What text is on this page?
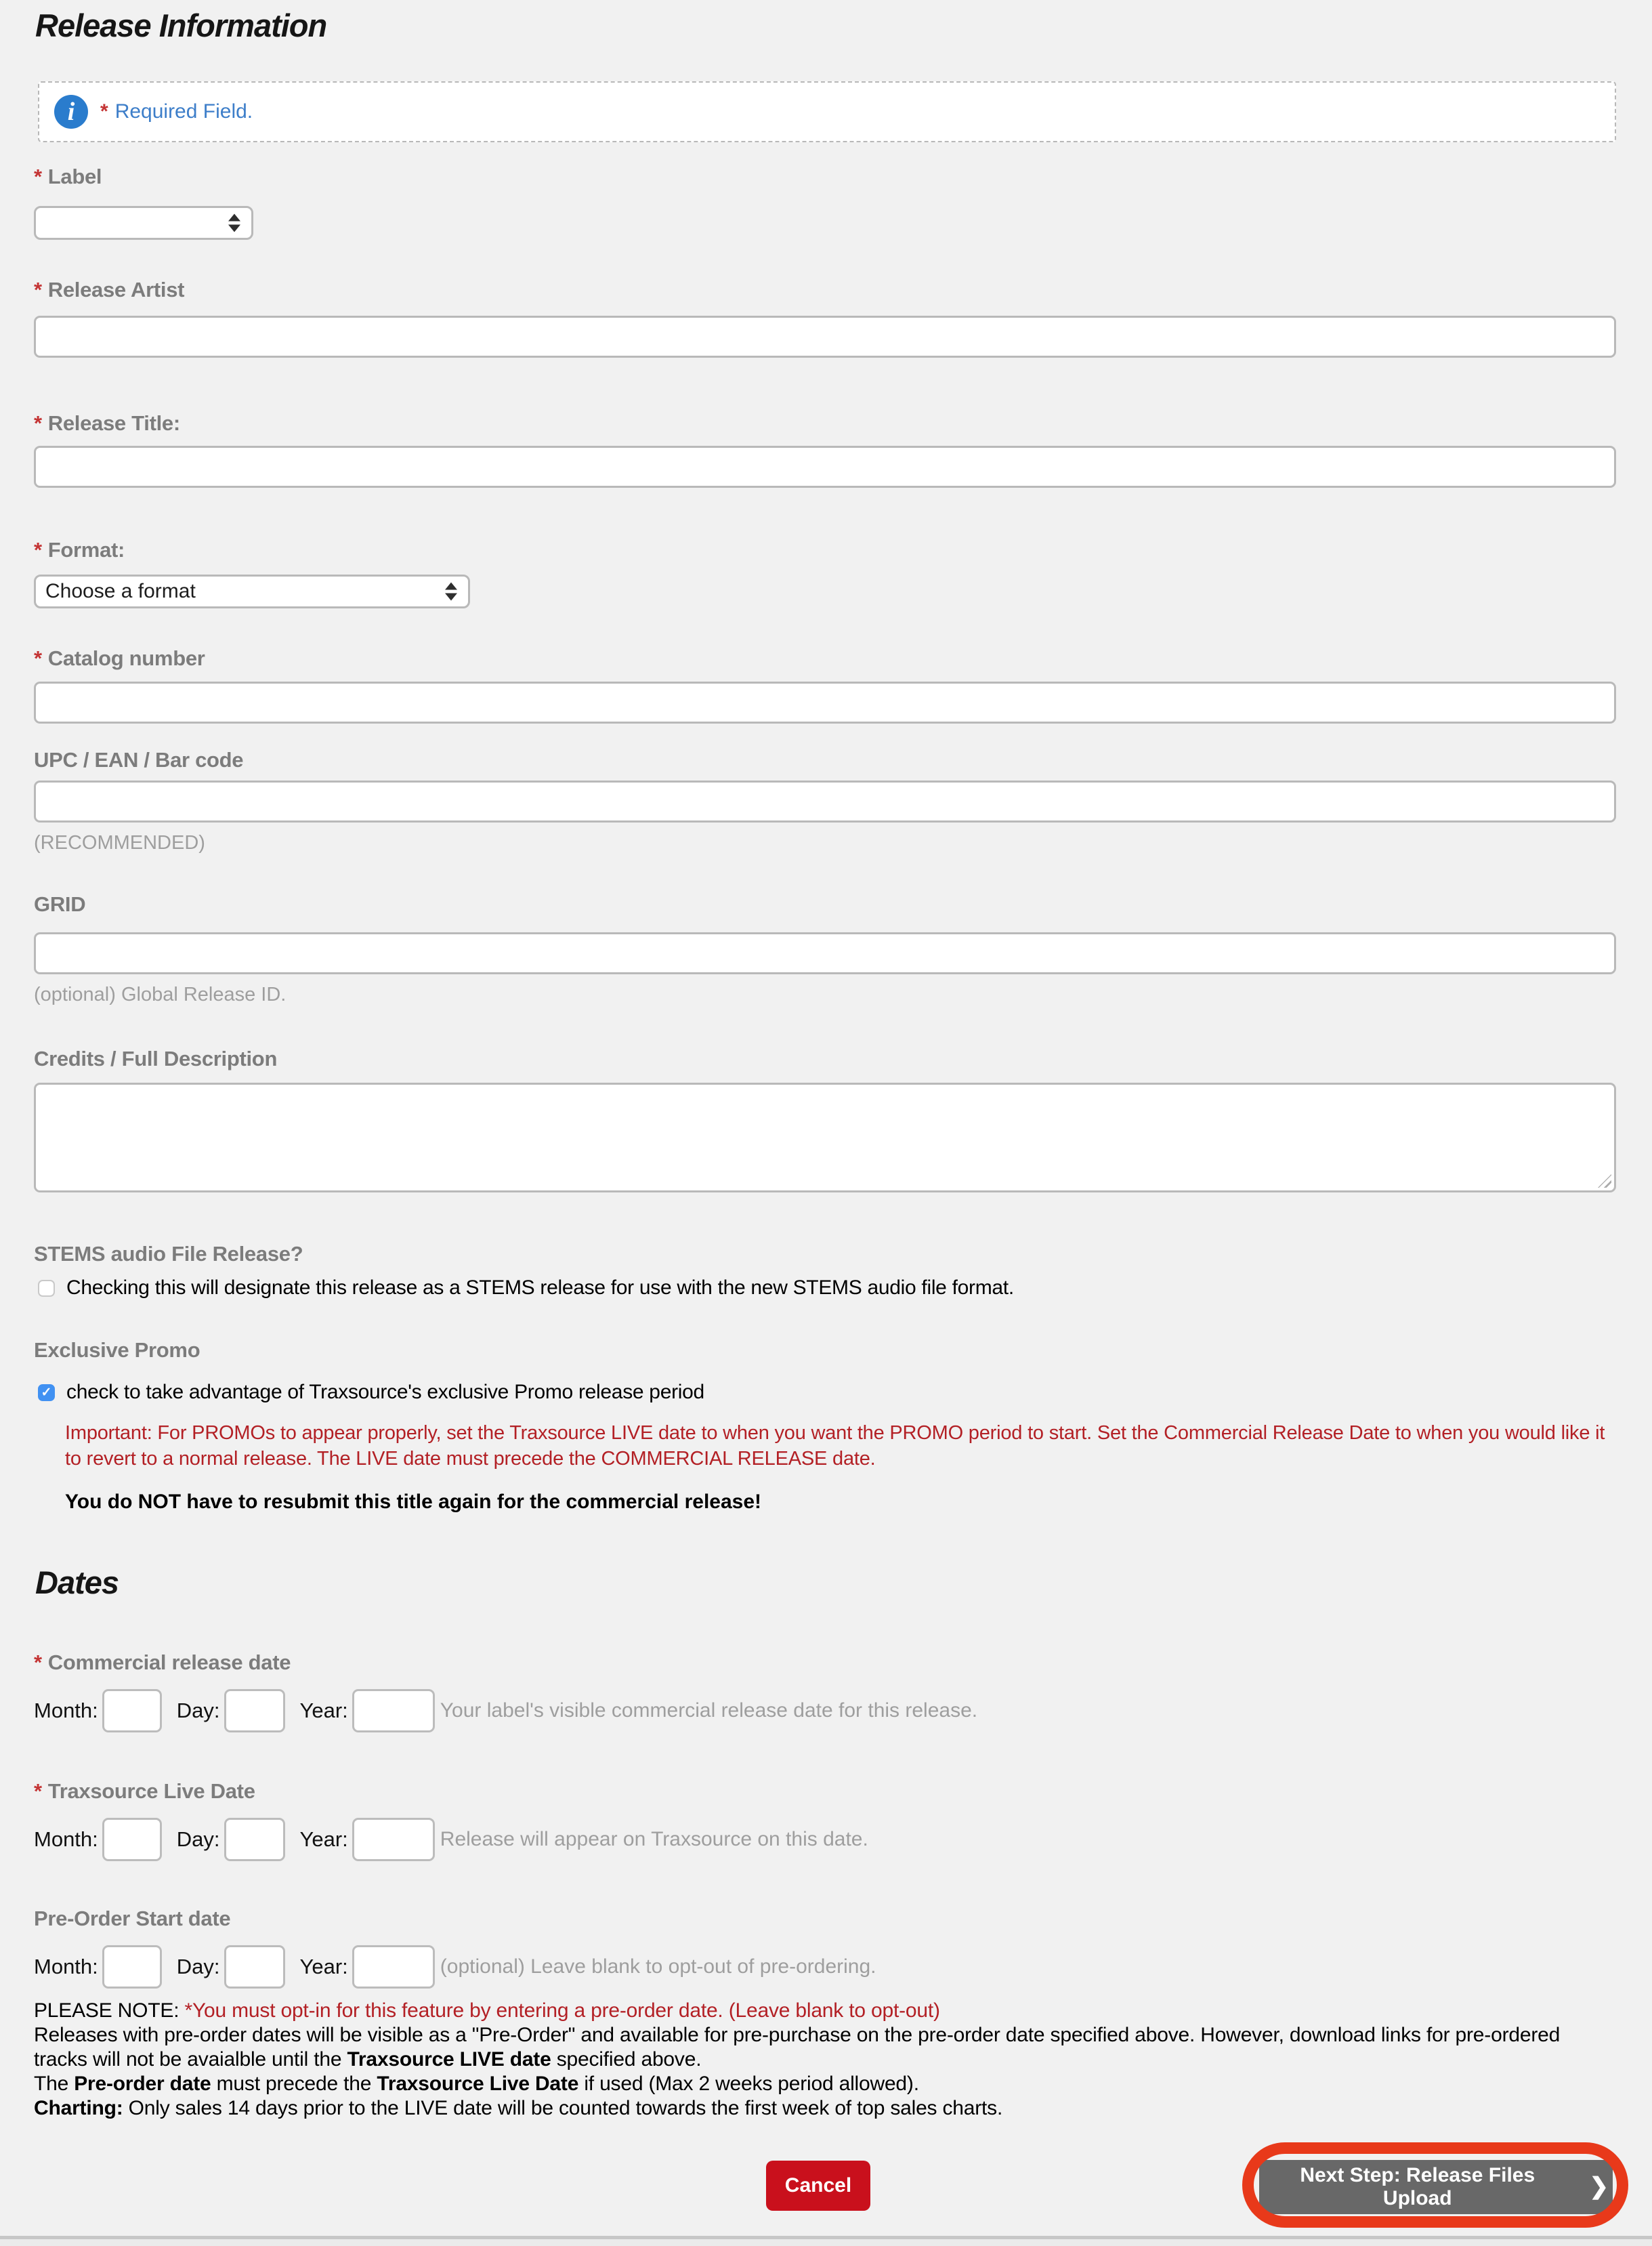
Release Information
i	* Required Field.
* Label
* Release Artist
* Release Title:
* Format:
Choose a format
* Catalog number
UPC / EAN / Bar code
(RECOMMENDED)
GRID
(optional) Global Release ID.
Credits / Full Description
STEMS audio File Release?
Checking this will designate this release as a STEMS release for use with the new STEMS audio file format.
Exclusive Promo
✓
check to take advantage of Traxsource's exclusive Promo release period
Important: For PROMOs to appear properly, set the Traxsource LIVE date to when you want the PROMO period to start. Set the Commercial Release Date to when you would like it to revert to a normal release. The LIVE date must precede the COMMERCIAL RELEASE date.
You do NOT have to resubmit this title again for the commercial release!
Dates
* Commercial release date
Month:	Day:	Year:	Your label's visible commercial release date for this release.
* Traxsource Live Date
Month:	Day:	Year:	Release will appear on Traxsource on this date.
Pre-Order Start date
Month:	Day:	Year:	(optional) Leave blank to opt-out of pre-ordering.
PLEASE NOTE: *You must opt-in for this feature by entering a pre-order date. (Leave blank to opt-out)
Releases with pre-order dates will be visible as a "Pre-Order" and available for pre-purchase on the pre-order date specified above. However, download links for pre-ordered tracks will not be avaialble until the Traxsource LIVE date specified above.
The Pre-order date must precede the Traxsource Live Date if used (Max 2 weeks period allowed).
Charting: Only sales 14 days prior to the LIVE date will be counted towards the first week of top sales charts.
Cancel	Next Step: Release Files Upload	❯
